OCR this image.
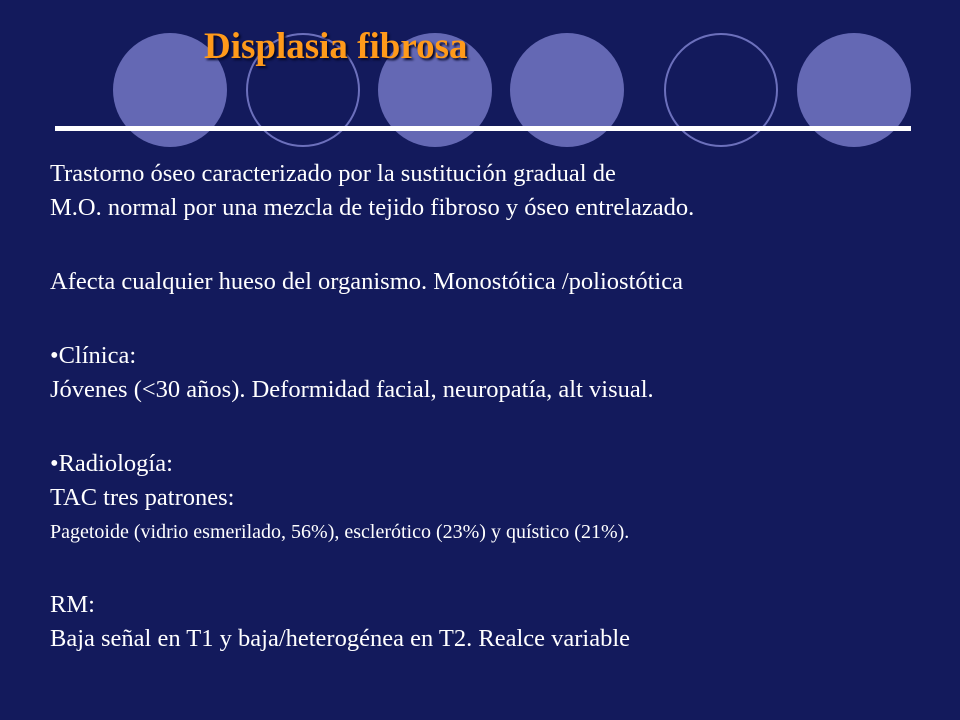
Displasia fibrosa
Trastorno óseo caracterizado por la sustitución gradual de
M.O. normal por una mezcla de tejido fibroso y óseo entrelazado.
Afecta cualquier hueso del organismo. Monostótica /poliostótica
•Clínica:
Jóvenes (<30 años). Deformidad facial, neuropatía, alt visual.
•Radiología:
TAC tres patrones:
Pagetoide (vidrio esmerilado, 56%), esclerótico (23%) y quístico (21%).
RM:
Baja señal en T1 y baja/heterogénea en T2. Realce variable
